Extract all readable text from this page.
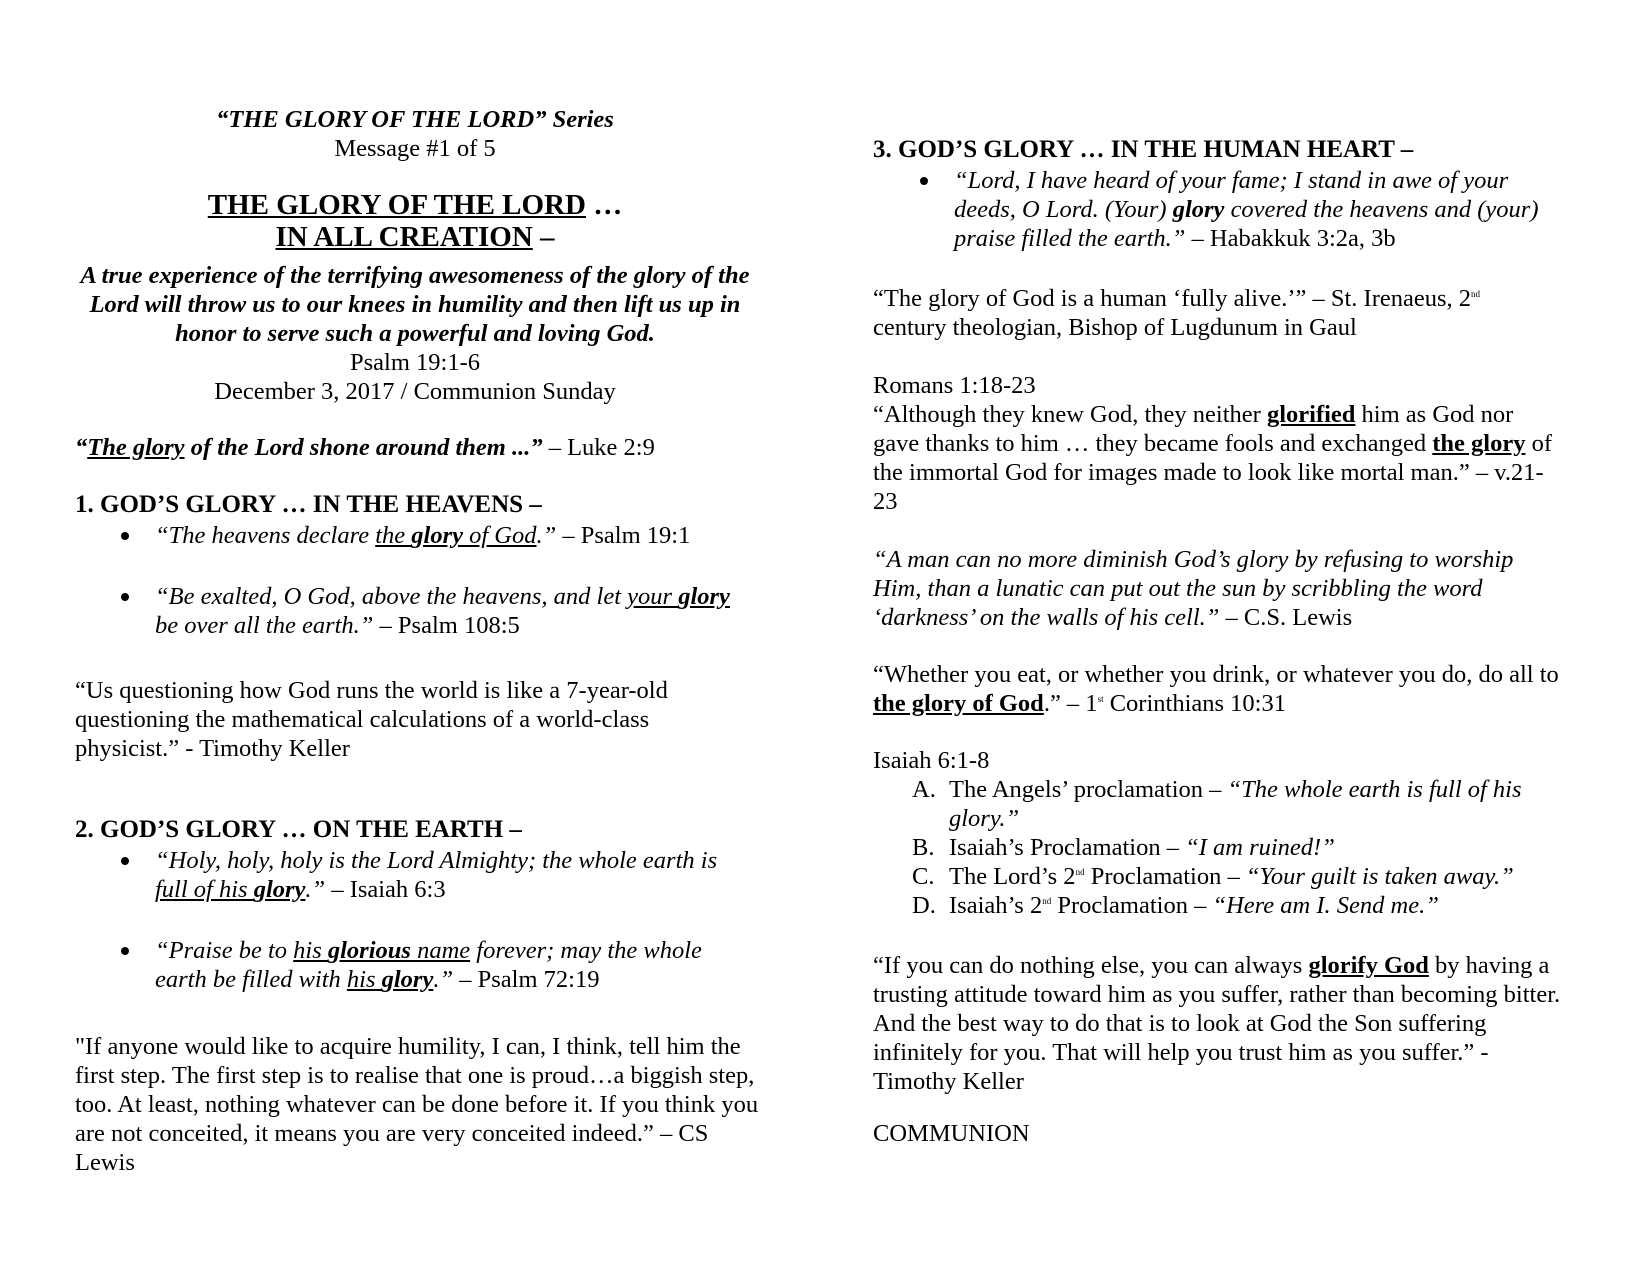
“THE GLORY OF THE LORD” Series
Message #1 of 5
THE GLORY OF THE LORD …
IN ALL CREATION –
A true experience of the terrifying awesomeness of the glory of the Lord will throw us to our knees in humility and then lift us up in honor to serve such a powerful and loving God.
Psalm 19:1-6
December 3, 2017 / Communion Sunday
“The glory of the Lord shone around them ...” – Luke 2:9
1. GOD’S GLORY … IN THE HEAVENS –
“The heavens declare the glory of God.” – Psalm 19:1
“Be exalted, O God, above the heavens, and let your glory be over all the earth.” – Psalm 108:5
“Us questioning how God runs the world is like a 7-year-old questioning the mathematical calculations of a world-class physicist.” - Timothy Keller
2. GOD’S GLORY … ON THE EARTH –
“Holy, holy, holy is the Lord Almighty; the whole earth is full of his glory.” – Isaiah 6:3
“Praise be to his glorious name forever; may the whole earth be filled with his glory.” – Psalm 72:19
"If anyone would like to acquire humility, I can, I think, tell him the first step. The first step is to realise that one is proud…a biggish step, too. At least, nothing whatever can be done before it. If you think you are not conceited, it means you are very conceited indeed.” – CS Lewis
3. GOD’S GLORY … IN THE HUMAN HEART –
“Lord, I have heard of your fame; I stand in awe of your deeds, O Lord. (Your) glory covered the heavens and (your) praise filled the earth.” – Habakkuk 3:2a, 3b
“The glory of God is a human ‘fully alive.’” – St. Irenaeus, 2nd century theologian, Bishop of Lugdunum in Gaul
Romans 1:18-23
“Although they knew God, they neither glorified him as God nor gave thanks to him … they became fools and exchanged the glory of the immortal God for images made to look like mortal man.” – v.21-23
“A man can no more diminish God’s glory by refusing to worship Him, than a lunatic can put out the sun by scribbling the word ‘darkness’ on the walls of his cell.” – C.S. Lewis
“Whether you eat, or whether you drink, or whatever you do, do all to the glory of God.” – 1st Corinthians 10:31
Isaiah 6:1-8
A. The Angels’ proclamation – “The whole earth is full of his glory.”
B. Isaiah’s Proclamation – “I am ruined!”
C. The Lord’s 2nd Proclamation – “Your guilt is taken away.”
D. Isaiah’s 2nd Proclamation – “Here am I. Send me.”
“If you can do nothing else, you can always glorify God by having a trusting attitude toward him as you suffer, rather than becoming bitter. And the best way to do that is to look at God the Son suffering infinitely for you. That will help you trust him as you suffer.” - Timothy Keller
COMMUNION
